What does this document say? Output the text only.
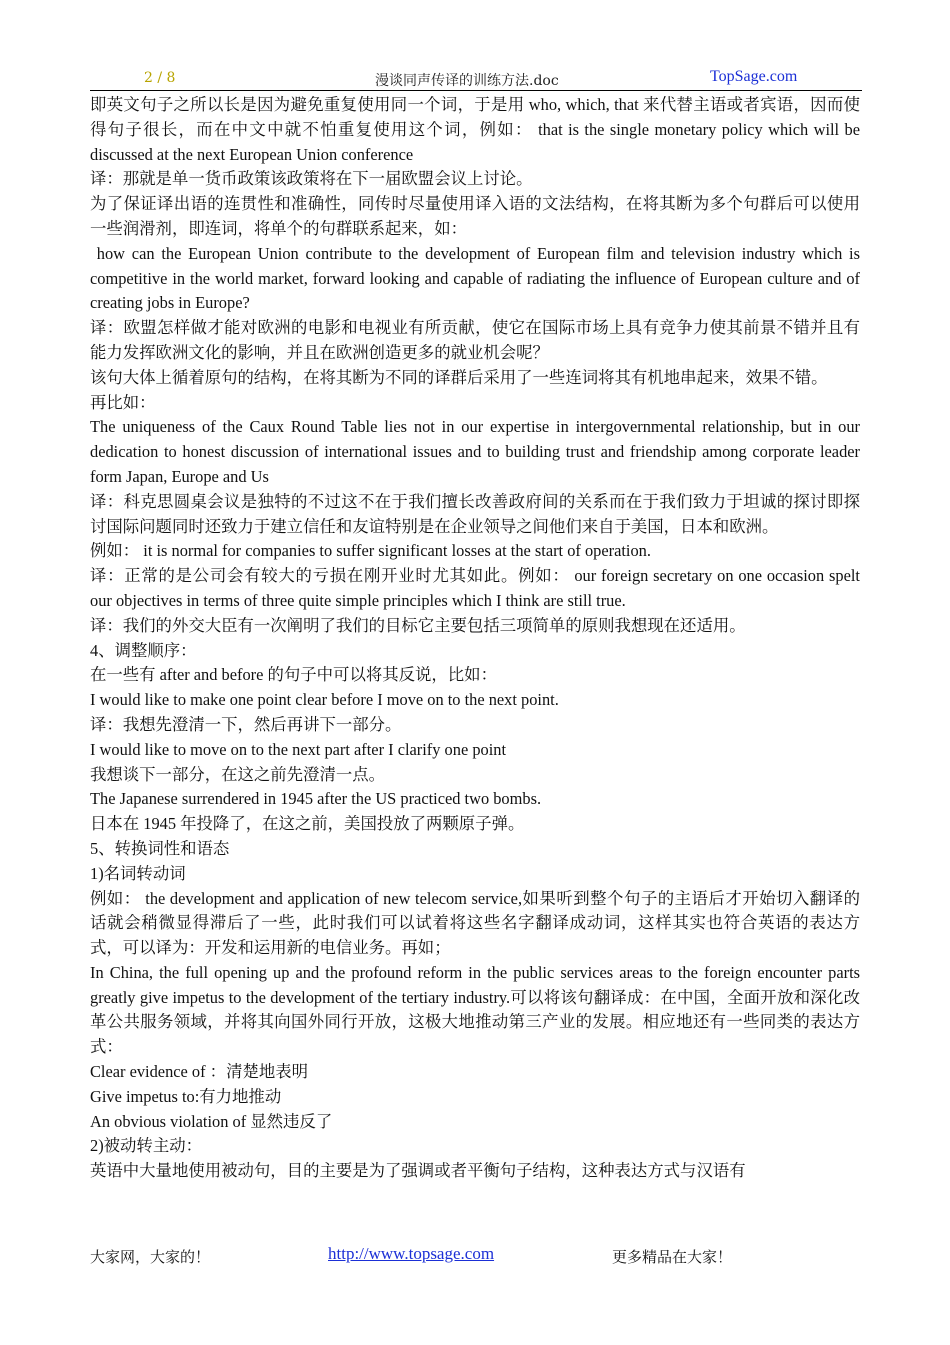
2 / 8	漫谈同声传译的训练方法.doc	TopSage.com

即英文句子之所以长是因为避免重复使用同一个词，于是用 who, which, that 来代替主语或者宾语，因而使得句子很长，而在中文中就不怕重复使用这个词，例如： that is the single monetary policy which will be discussed at the next European Union conference

译：那就是单一货币政策该政策将在下一届欧盟会议上讨论。

为了保证译出语的连贯性和准确性，同传时尽量使用译入语的文法结构，在将其断为多个句群后可以使用一些润滑剂，即连词，将单个的句群联系起来，如：

how can the European Union contribute to the development of European film and television industry which is competitive in the world market, forward looking and capable of radiating the influence of European culture and of creating jobs in Europe?

译：欧盟怎样做才能对欧洲的电影和电视业有所贡献，使它在国际市场上具有竞争力使其前景不错并且有能力发挥欧洲文化的影响，并且在欧洲创造更多的就业机会呢？

该句大体上循着原句的结构，在将其断为不同的译群后采用了一些连词将其有机地串起来，效果不错。

再比如：

The uniqueness of the Caux Round Table lies not in our expertise in intergovernmental relationship, but in our dedication to honest discussion of international issues and to building trust and friendship among corporate leader form Japan, Europe and Us

译：科克思圆桌会议是独特的不过这不在于我们擅长改善政府间的关系而在于我们致力于坦诚的探讨即探讨国际问题同时还致力于建立信任和友谊特别是在企业领导之间他们来自于美国，日本和欧洲。

例如： it is normal for companies to suffer significant losses at the start of operation.

译：正常的是公司会有较大的亏损在刚开业时尤其如此。例如： our foreign secretary on one occasion spelt our objectives in terms of three quite simple principles which I think are still true.

译：我们的外交大臣有一次阐明了我们的目标它主要包括三项简单的原则我想现在还适用。

4、调整顺序：

在一些有 after and before 的句子中可以将其反说，比如：

I would like to make one point clear before I move on to the next point.

译：我想先澄清一下，然后再讲下一部分。

I would like to move on to the next part after I clarify one point

我想谈下一部分，在这之前先澄清一点。

The Japanese surrendered in 1945 after the US practiced two bombs.

日本在 1945 年投降了，在这之前，美国投放了两颗原子弹。

5、转换词性和语态

1)名词转动词

例如： the development and application of new telecom service,如果听到整个句子的主语后才开始切入翻译的话就会稍微显得滞后了一些，此时我们可以试着将这些名字翻译成动词，这样其实也符合英语的表达方式，可以译为：开发和运用新的电信业务。再如；

In China, the full opening up and the profound reform in the public services areas to the foreign encounter parts greatly give impetus to the development of the tertiary industry.可以将该句翻译成：在中国，全面开放和深化改革公共服务领域，并将其向国外同行开放，这极大地推动第三产业的发展。相应地还有一些同类的表达方式：

Clear evidence of ：清楚地表明

Give impetus to:有力地推动

An obvious violation of 显然违反了

2)被动转主动：

英语中大量地使用被动句，目的主要是为了强调或者平衡句子结构，这种表达方式与汉语有

大家网，大家的！	http://www.topsage.com	更多精品在大家！
